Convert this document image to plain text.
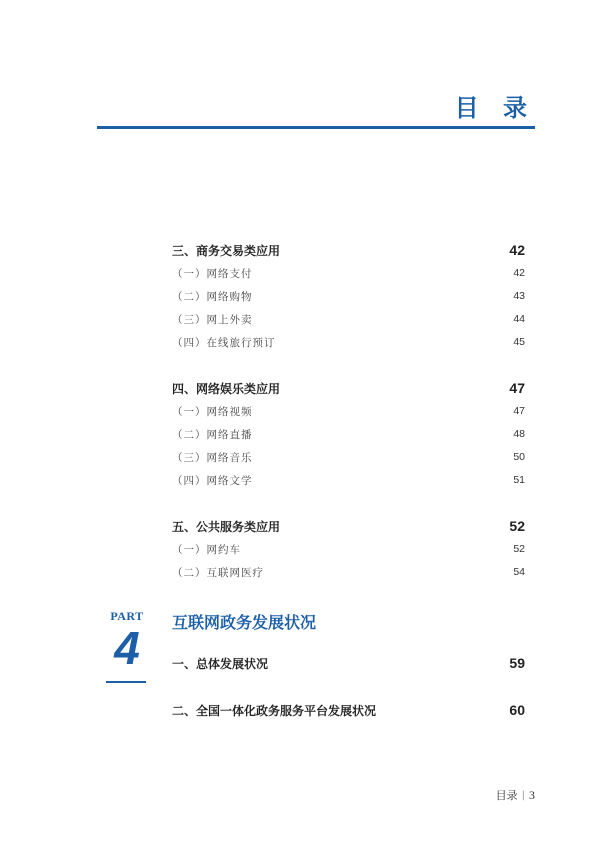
目 录
三、商务交易类应用	42
（一）网络支付	42
（二）网络购物	43
（三）网上外卖	44
（四）在线旅行预订	45
四、网络娱乐类应用	47
（一）网络视频	47
（二）网络直播	48
（三）网络音乐	50
（四）网络文学	51
五、公共服务类应用	52
（一）网约车	52
（二）互联网医疗	54
PART
4	互联网政务发展状况
一、总体发展状况	59
二、全国一体化政务服务平台发展状况	60
目录 | 3
